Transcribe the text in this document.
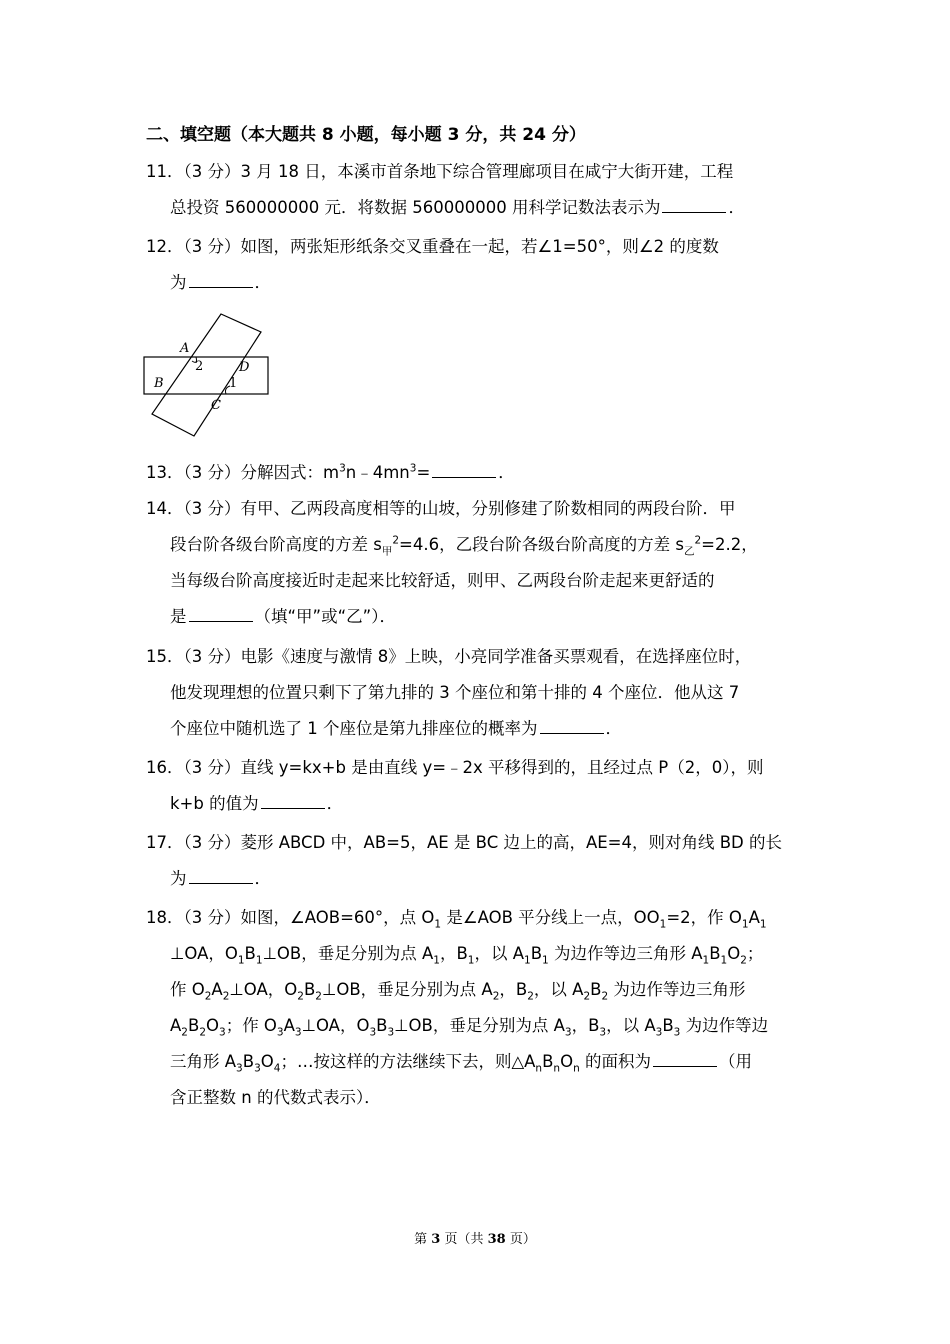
二、填空题（本大题共 8 小题，每小题 3 分，共 24 分）
11．（3 分）3 月 18 日，本溪市首条地下综合管理廊项目在咸宁大街开建，工程
总投资 560000000 元．将数据 560000000 用科学记数法表示为	．
12．（3 分）如图，两张矩形纸条交叉重叠在一起，若∠1=50°，则∠2 的度数
为	．
A
2	D
B	1
C
13．（3 分）分解因式：$m^3n﹣4mn^3=$	．
14．（3 分）有甲、乙两段高度相等的山坡，分别修建了阶数相同的两段台阶．甲
段台阶各级台阶高度的方差 $s_甲^2=4.6$，乙段台阶各级台阶高度的方差 $s_乙^2=2.2$，
当每级台阶高度接近时走起来比较舒适，则甲、乙两段台阶走起来更舒适的
是	（填“甲”或“乙”）．
15．（3 分）电影《速度与激情 8》上映，小亮同学准备买票观看，在选择座位时，
他发现理想的位置只剩下了第九排的 3 个座位和第十排的 4 个座位．他从这 7
个座位中随机选了 1 个座位是第九排座位的概率为	．
16．（3 分）直线 y=kx+b 是由直线 y=﹣2x 平移得到的，且经过点 P（2，0），则
k+b 的值为	．
17．（3 分）菱形 ABCD 中，AB=5，AE 是 BC 边上的高，AE=4，则对角线 BD 的长
为	．
18．（3 分）如图，∠AOB=60°，点 $O_1$ 是∠AOB 平分线上一点，$OO_1=2$，作 $O_1A_1$
⊥OA，$O_1B_1\perp OB$，垂足分别为点 $A_1$，$B_1$，以 $A_1B_1$ 为边作等边三角形 $A_1B_1O_2$；
作 $O_2A_2\perp OA$，$O_2B_2\perp OB$，垂足分别为点 $A_2$，$B_2$，以 $A_2B_2$ 为边作等边三角形
$A_2B_2O_3$；作 $O_3A_3\perp OA$，$O_3B_3\perp OB$，垂足分别为点 $A_3$，$B_3$，以 $A_3B_3$ 为边作等边
三角形 $A_3B_3O_4$；…按这样的方法继续下去，则$\triangle A_nB_nO_n$ 的面积为	（用
含正整数 n 的代数式表示）．
第 3 页（共 38 页）
